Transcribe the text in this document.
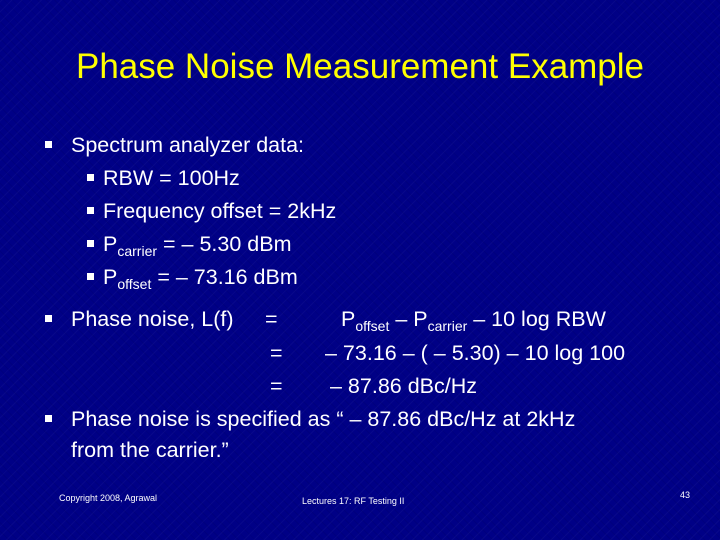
Phase Noise Measurement Example
Spectrum analyzer data:
RBW = 100Hz
Frequency offset = 2kHz
$P_{carrier}$ = – 5.30 dBm
$P_{offset}$ = – 73.16 dBm
Phase noise, L(f) =	$P_{offset} - P_{carrier} - 10$ log RBW
= – 73.16 – ( – 5.30) – 10 log 100
= – 87.86 dBc/Hz
Phase noise is specified as “ – 87.86 dBc/Hz at 2kHz
from the carrier.”
Copyright 2008, Agrawal	Lectures 17: RF Testing II
43
